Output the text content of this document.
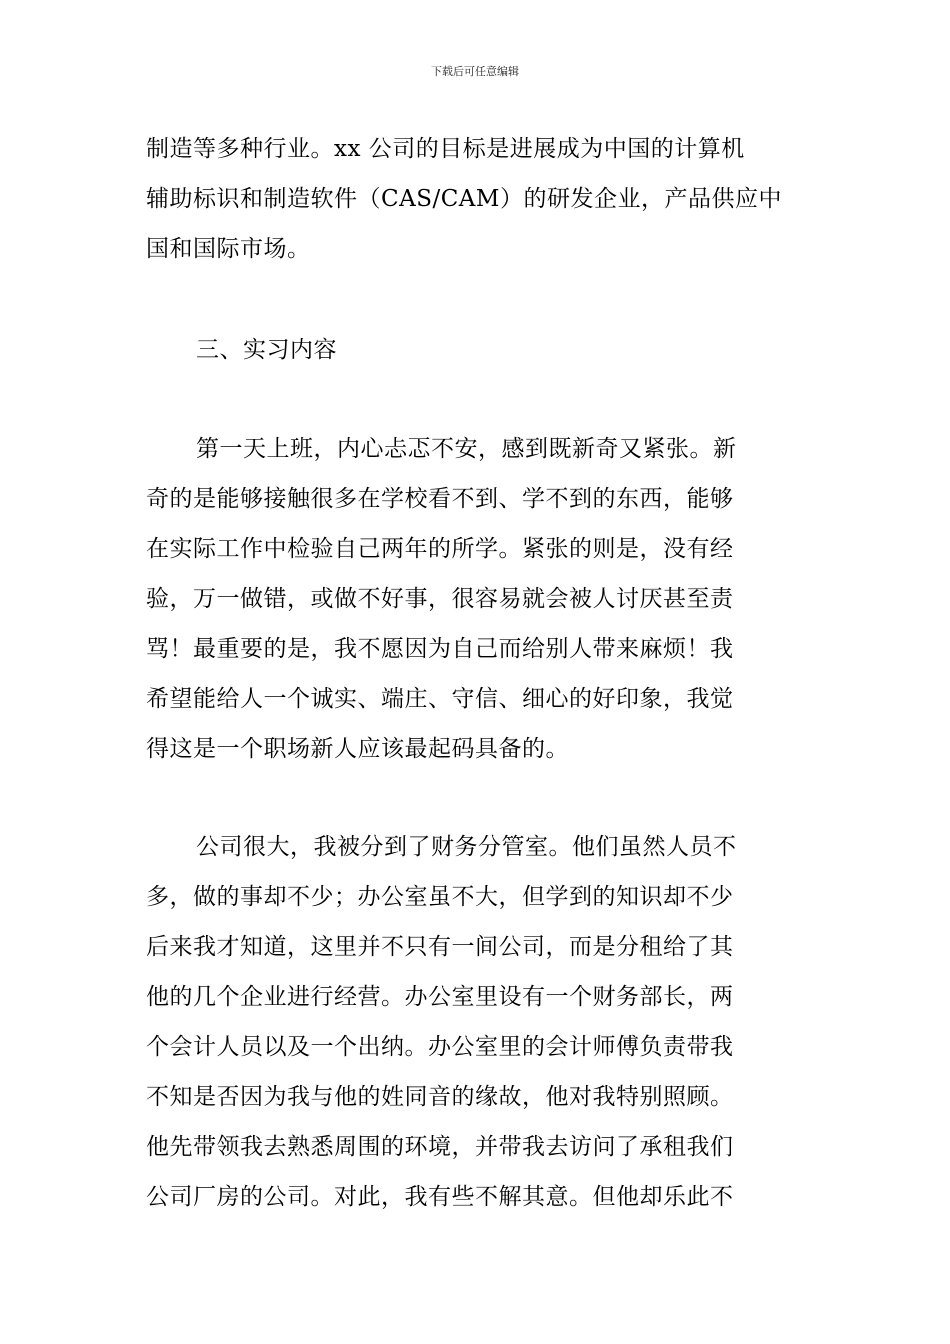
下载后可任意编辑
制造等多种行业。xx 公司的目标是进展成为中国的计算机
辅助标识和制造软件（CAS/CAM）的研发企业，产品供应中
国和国际市场。
三、实习内容
第一天上班，内心忐忑不安，感到既新奇又紧张。新
奇的是能够接触很多在学校看不到、学不到的东西，能够
在实际工作中检验自己两年的所学。紧张的则是，没有经
验，万一做错，或做不好事，很容易就会被人讨厌甚至责
骂！最重要的是，我不愿因为自己而给别人带来麻烦！我
希望能给人一个诚实、端庄、守信、细心的好印象，我觉
得这是一个职场新人应该最起码具备的。
公司很大，我被分到了财务分管室。他们虽然人员不
多，做的事却不少；办公室虽不大，但学到的知识却不少
后来我才知道，这里并不只有一间公司，而是分租给了其
他的几个企业进行经营。办公室里设有一个财务部长，两
个会计人员以及一个出纳。办公室里的会计师傅负责带我
不知是否因为我与他的姓同音的缘故，他对我特别照顾。
他先带领我去熟悉周围的环境，并带我去访问了承租我们
公司厂房的公司。对此，我有些不解其意。但他却乐此不
